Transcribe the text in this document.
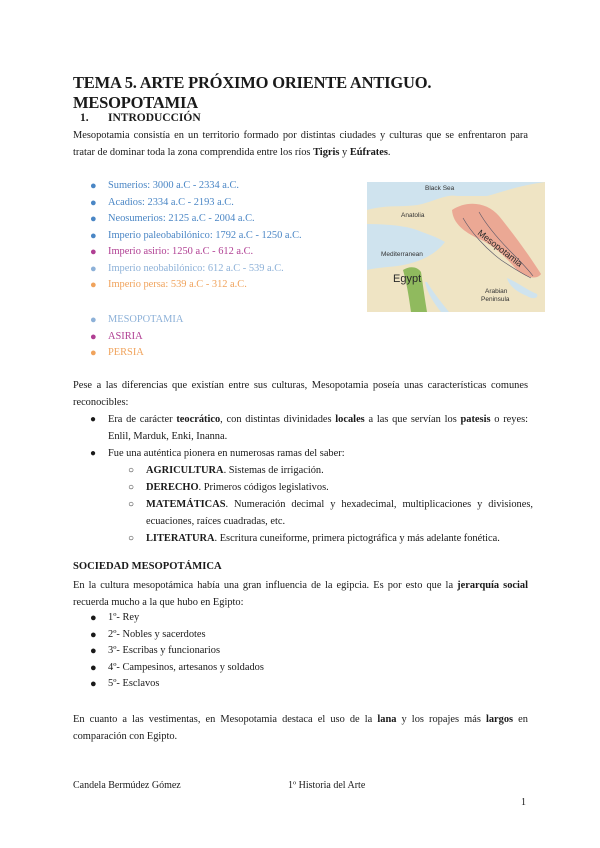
TEMA 5. ARTE PRÓXIMO ORIENTE ANTIGUO. MESOPOTAMIA
1. INTRODUCCIÓN
Mesopotamia consistía en un territorio formado por distintas ciudades y culturas que se enfrentaron para tratar de dominar toda la zona comprendida entre los ríos Tigris y Eúfrates.
● Sumerios: 3000 a.C - 2334 a.C.
● Acadios: 2334 a.C - 2193 a.C.
● Neosumerios: 2125 a.C - 2004 a.C.
● Imperio paleobabilónico: 1792 a.C - 1250 a.C.
● Imperio asirio: 1250 a.C - 612 a.C.
● Imperio neobabilónico: 612 a.C - 539 a.C.
● Imperio persa: 539 a.C - 312 a.C.
● MESOPOTAMIA
● ASIRIA
● PERSIA
Black Sea
Anatolia
Mediterranean	Mesopotamia
Egypt
Arabian
Peninsula
Pese a las diferencias que existían entre sus culturas, Mesopotamia poseía unas características comunes reconocibles:
● Era de carácter teocrático, con distintas divinidades locales a las que servían los patesis o reyes: Enlil, Marduk, Enki, Inanna.
● Fue una auténtica pionera en numerosas ramas del saber:
○ AGRICULTURA. Sistemas de irrigación.
○ DERECHO. Primeros códigos legislativos.
○ MATEMÁTICAS. Numeración decimal y hexadecimal, multiplicaciones y divisiones, ecuaciones, raíces cuadradas, etc.
○ LITERATURA. Escritura cuneiforme, primera pictográfica y más adelante fonética.
SOCIEDAD MESOPOTÁMICA
En la cultura mesopotámica había una gran influencia de la egipcia. Es por esto que la jerarquía social recuerda mucho a la que hubo en Egipto:
● 1º- Rey
● 2º- Nobles y sacerdotes
● 3º- Escribas y funcionarios
● 4º- Campesinos, artesanos y soldados
● 5º- Esclavos
En cuanto a las vestimentas, en Mesopotamia destaca el uso de la lana y los ropajes más largos en comparación con Egipto.
Candela Bermúdez Gómez	1º Historia del Arte
1
